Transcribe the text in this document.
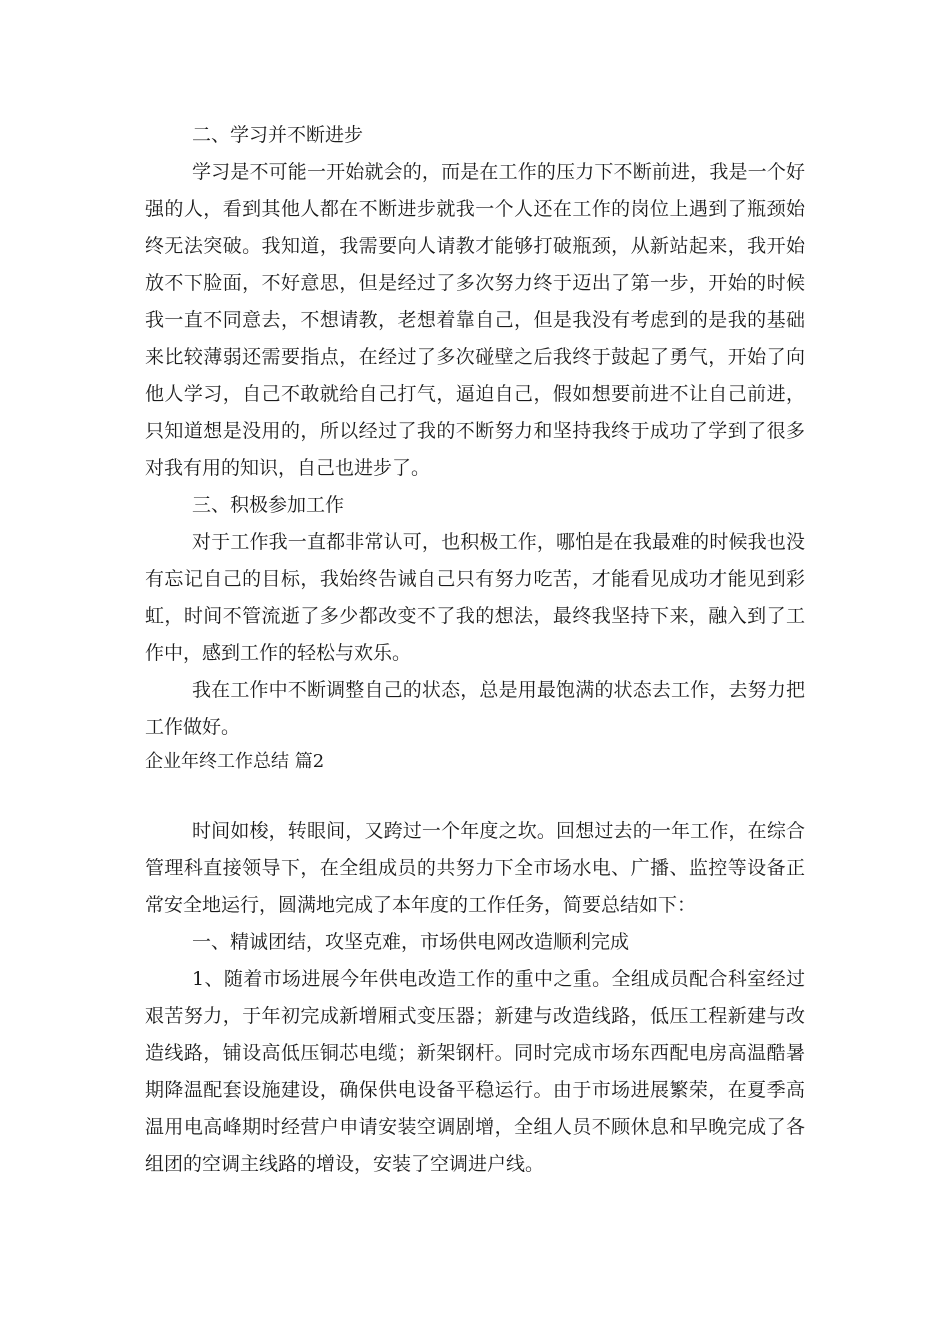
二、学习并不断进步
学习是不可能一开始就会的，而是在工作的压力下不断前进，我是一个好
强的人，看到其他人都在不断进步就我一个人还在工作的岗位上遇到了瓶颈始
终无法突破。我知道，我需要向人请教才能够打破瓶颈，从新站起来，我开始
放不下脸面，不好意思，但是经过了多次努力终于迈出了第一步，开始的时候
我一直不同意去，不想请教，老想着靠自己，但是我没有考虑到的是我的基础
来比较薄弱还需要指点，在经过了多次碰壁之后我终于鼓起了勇气，开始了向
他人学习，自己不敢就给自己打气，逼迫自己，假如想要前进不让自己前进，
只知道想是没用的，所以经过了我的不断努力和坚持我终于成功了学到了很多
对我有用的知识，自己也进步了。
三、积极参加工作
对于工作我一直都非常认可，也积极工作，哪怕是在我最难的时候我也没
有忘记自己的目标，我始终告诫自己只有努力吃苦，才能看见成功才能见到彩
虹，时间不管流逝了多少都改变不了我的想法，最终我坚持下来，融入到了工
作中，感到工作的轻松与欢乐。
我在工作中不断调整自己的状态，总是用最饱满的状态去工作，去努力把
工作做好。
企业年终工作总结 篇2
时间如梭，转眼间，又跨过一个年度之坎。回想过去的一年工作，在综合
管理科直接领导下，在全组成员的共努力下全市场水电、广播、监控等设备正
常安全地运行，圆满地完成了本年度的工作任务，简要总结如下：
一、精诚团结，攻坚克难，市场供电网改造顺利完成
1、随着市场进展今年供电改造工作的重中之重。全组成员配合科室经过
艰苦努力，于年初完成新增厢式变压器；新建与改造线路，低压工程新建与改
造线路，铺设高低压铜芯电缆；新架钢杆。同时完成市场东西配电房高温酷暑
期降温配套设施建设，确保供电设备平稳运行。由于市场进展繁荣，在夏季高
温用电高峰期时经营户申请安装空调剧增，全组人员不顾休息和早晚完成了各
组团的空调主线路的增设，安装了空调进户线。
